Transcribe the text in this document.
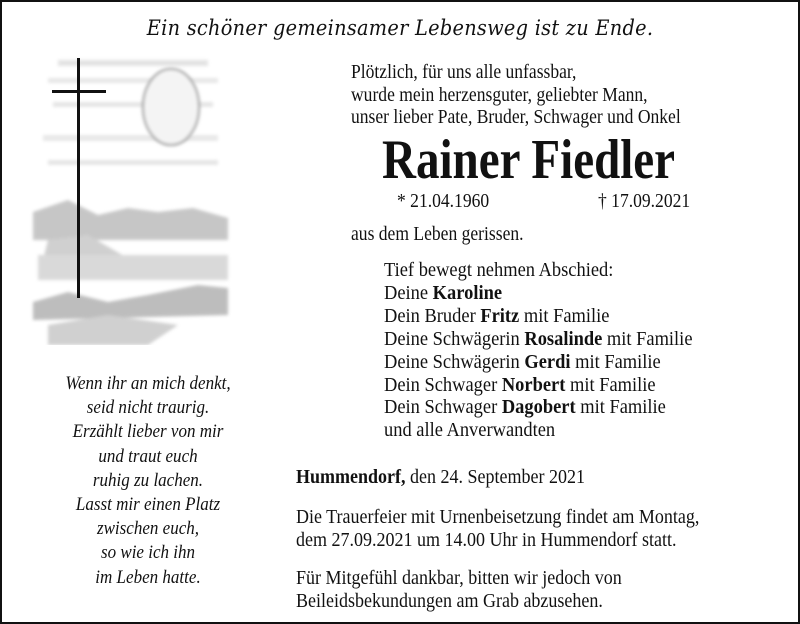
Ein schöner gemeinsamer Lebensweg ist zu Ende.
Plötzlich, für uns alle unfassbar,
wurde mein herzensguter, geliebter Mann,
unser lieber Pate, Bruder, Schwager und Onkel
Rainer Fiedler
* 21.04.1960	† 17.09.2021
aus dem Leben gerissen.
Tief bewegt nehmen Abschied:
Deine Karoline
Dein Bruder Fritz mit Familie
Deine Schwägerin Rosalinde mit Familie
Deine Schwägerin Gerdi mit Familie
Dein Schwager Norbert mit Familie
Dein Schwager Dagobert mit Familie
und alle Anverwandten
Hummendorf, den 24. September 2021
Die Trauerfeier mit Urnenbeisetzung findet am Montag,
dem 27.09.2021 um 14.00 Uhr in Hummendorf statt.
Für Mitgefühl dankbar, bitten wir jedoch von
Beileidsbekundungen am Grab abzusehen.
Wenn ihr an mich denkt,
seid nicht traurig.
Erzählt lieber von mir
und traut euch
ruhig zu lachen.
Lasst mir einen Platz
zwischen euch,
so wie ich ihn
im Leben hatte.
